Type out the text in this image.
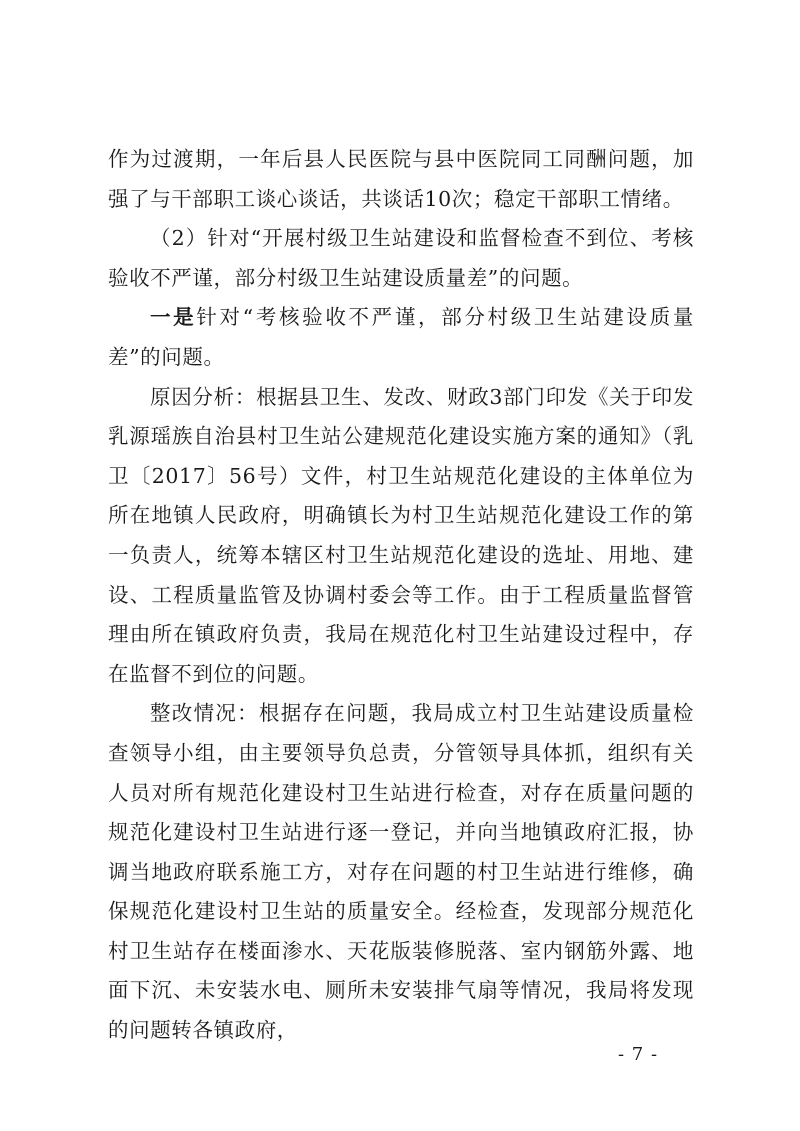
作为过渡期，一年后县人民医院与县中医院同工同酬问题，加强了与干部职工谈心谈话，共谈话10次；稳定干部职工情绪。

（2）针对“开展村级卫生站建设和监督检查不到位、考核验收不严谨，部分村级卫生站建设质量差”的问题。

一是针对“考核验收不严谨，部分村级卫生站建设质量差”的问题。

原因分析：根据县卫生、发改、财政3部门印发《关于印发乳源瑶族自治县村卫生站公建规范化建设实施方案的通知》（乳卫〔2017〕56号）文件，村卫生站规范化建设的主体单位为所在地镇人民政府，明确镇长为村卫生站规范化建设工作的第一负责人，统筹本辖区村卫生站规范化建设的选址、用地、建设、工程质量监管及协调村委会等工作。由于工程质量监督管理由所在镇政府负责，我局在规范化村卫生站建设过程中，存在监督不到位的问题。

整改情况：根据存在问题，我局成立村卫生站建设质量检查领导小组，由主要领导负总责，分管领导具体抓，组织有关人员对所有规范化建设村卫生站进行检查，对存在质量问题的规范化建设村卫生站进行逐一登记，并向当地镇政府汇报，协调当地政府联系施工方，对存在问题的村卫生站进行维修，确保规范化建设村卫生站的质量安全。经检查，发现部分规范化村卫生站存在楼面渗水、天花版装修脱落、室内钢筋外露、地面下沉、未安装水电、厕所未安装排气扇等情况，我局将发现的问题转各镇政府，

- 7 -
